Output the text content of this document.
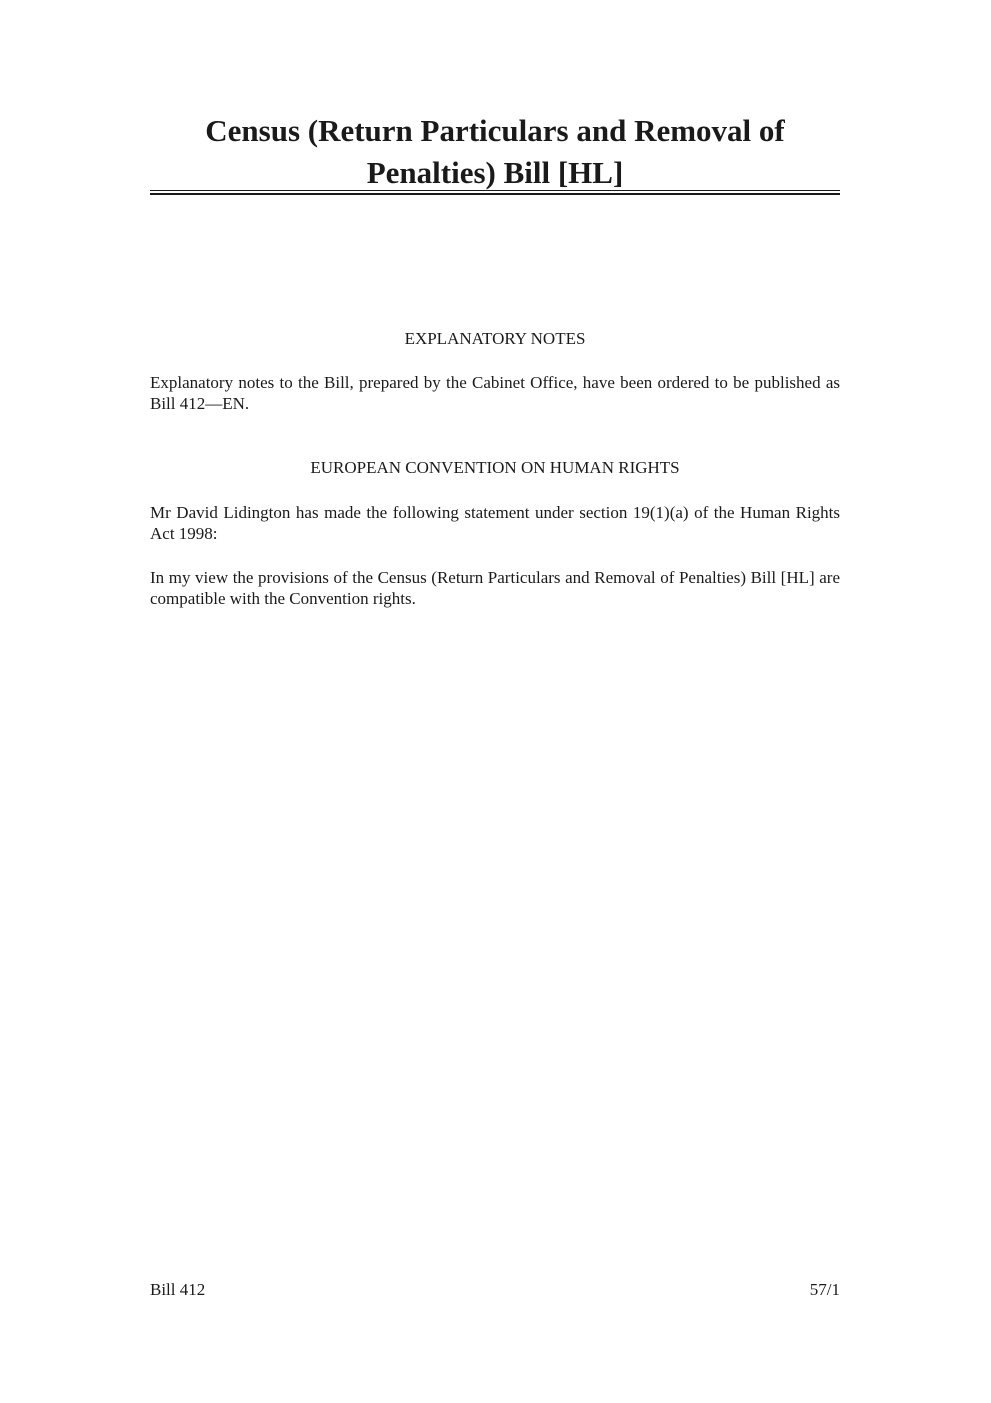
Census (Return Particulars and Removal of Penalties) Bill [HL]

EXPLANATORY NOTES

Explanatory notes to the Bill, prepared by the Cabinet Office, have been ordered to be published as Bill 412—EN.

EUROPEAN CONVENTION ON HUMAN RIGHTS

Mr David Lidington has made the following statement under section 19(1)(a) of the Human Rights Act 1998:

In my view the provisions of the Census (Return Particulars and Removal of Penalties) Bill [HL] are compatible with the Convention rights.

Bill 412	57/1
